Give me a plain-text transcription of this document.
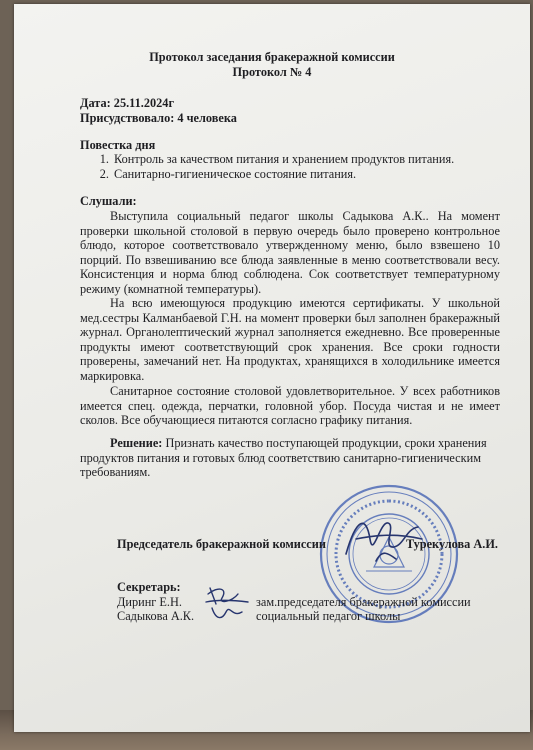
Протокол заседания бракеражной комиссии
Протокол № 4
Дата: 25.11.2024г
Присудствовало: 4 человека
Повестка дня
1. Контроль за качеством питания и хранением продуктов питания.
2. Санитарно-гигиеническое состояние питания.
Слушали:
Выступила социальный педагог школы Садыкова А.К.. На момент проверки школьной столовой в первую очередь было проверено контрольное блюдо, которое соответствовало утвержденному меню, было взвешено 10 порций. По взвешиванию все блюда заявленные в меню соответствовали весу. Консистенция и норма блюд соблюдена. Сок соответствует температурному режиму (комнатной температуры).
На всю имеющуюся продукцию имеются сертификаты. У школьной мед.сестры Калманбаевой Г.Н. на момент проверки был заполнен бракеражный журнал. Органолептический журнал заполняется ежедневно. Все проверенные продукты имеют соответствующий срок хранения. Все сроки годности проверены, замечаний нет. На продуктах, хранящихся в холодильнике имеется маркировка.
Санитарное состояние столовой удовлетворительное. У всех работников имеется спец. одежда, перчатки, головной убор. Посуда чистая и не имеет сколов. Все обучающиеся питаются согласно графику питания.
Решение: Признать качество поступающей продукции, сроки хранения продуктов питания и готовых блюд соответствию санитарно-гигиеническим требованиям.
Председатель бракеражной комиссии	Турекулова А.И.
Секретарь:
Диринг Е.Н.	зам.председателя бракеражной комиссии
Садыкова А.К.	социальный педагог школы
